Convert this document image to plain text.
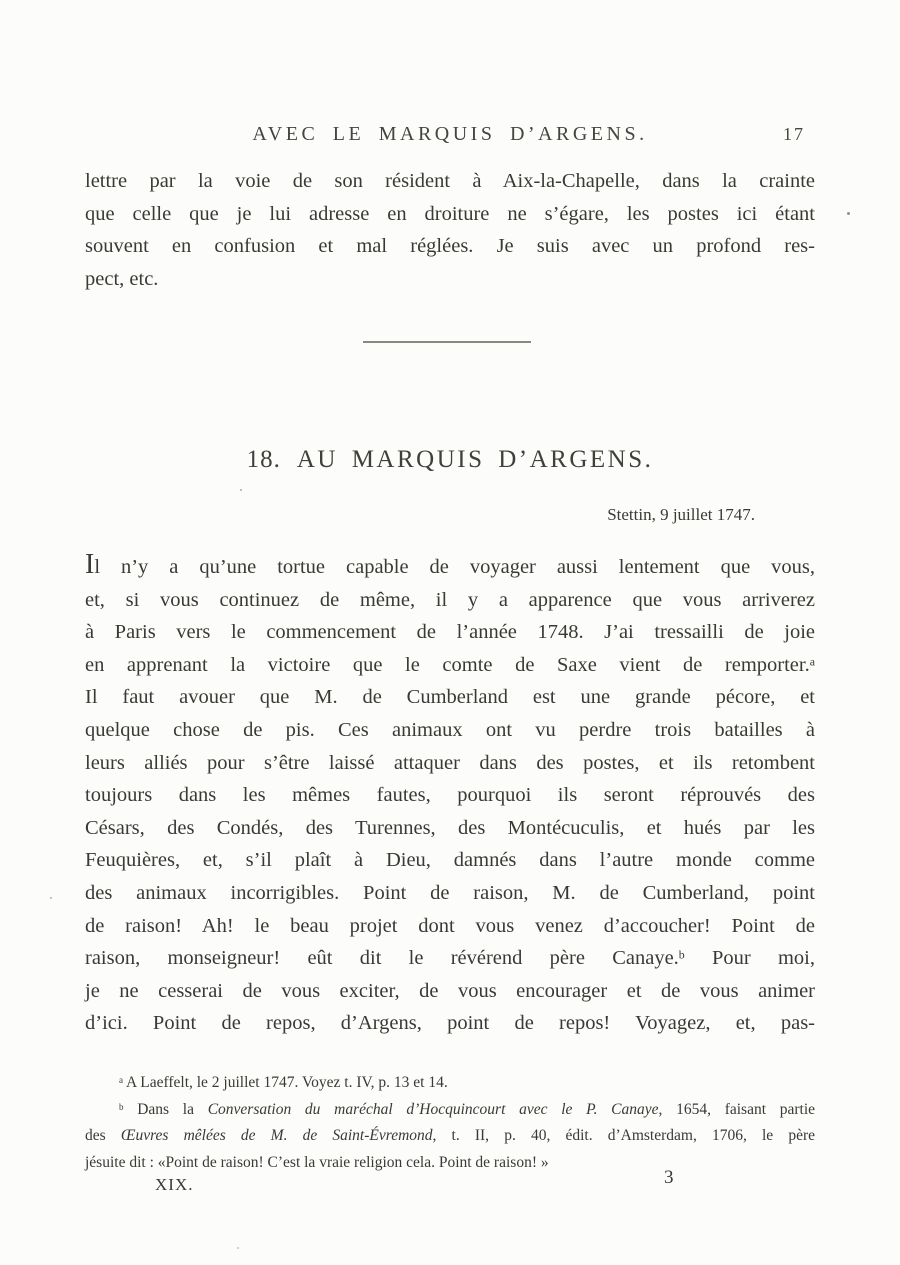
AVEC LE MARQUIS D’ARGENS.	17
lettre par la voie de son résident à Aix-la-Chapelle, dans la crainte
que celle que je lui adresse en droiture ne s’égare, les postes ici étant
souvent en confusion et mal réglées. Je suis avec un profond res-
pect, etc.
18. AU MARQUIS D’ARGENS.
Stettin, 9 juillet 1747.
Il n’y a qu’une tortue capable de voyager aussi lentement que vous,
et, si vous continuez de même, il y a apparence que vous arriverez
à Paris vers le commencement de l’année 1748. J’ai tressailli de joie
en apprenant la victoire que le comte de Saxe vient de remporter.$^a$
Il faut avouer que M. de Cumberland est une grande pécore, et
quelque chose de pis. Ces animaux ont vu perdre trois batailles à
leurs alliés pour s’être laissé attaquer dans des postes, et ils retombent
toujours dans les mêmes fautes, pourquoi ils seront réprouvés des
Césars, des Condés, des Turennes, des Montécuculis, et hués par les
Feuquières, et, s’il plaît à Dieu, damnés dans l’autre monde comme
des animaux incorrigibles. Point de raison, M. de Cumberland, point
de raison! Ah! le beau projet dont vous venez d’accoucher! Point de
raison, monseigneur! eût dit le révérend père Canaye.$^b$ Pour moi,
je ne cesserai de vous exciter, de vous encourager et de vous animer
d’ici. Point de repos, d’Argens, point de repos! Voyagez, et, pas-
$^a$ A Laeffelt, le 2 juillet 1747. Voyez t. IV, p. 13 et 14.
$^b$ Dans la Conversation du maréchal d’Hocquincourt avec le P. Canaye, 1654, faisant partie
des Œuvres mêlées de M. de Saint-Évremond, t. II, p. 40, édit. d’Amsterdam, 1706, le père
jésuite dit : «Point de raison! C’est la vraie religion cela. Point de raison! »
XIX.	3
